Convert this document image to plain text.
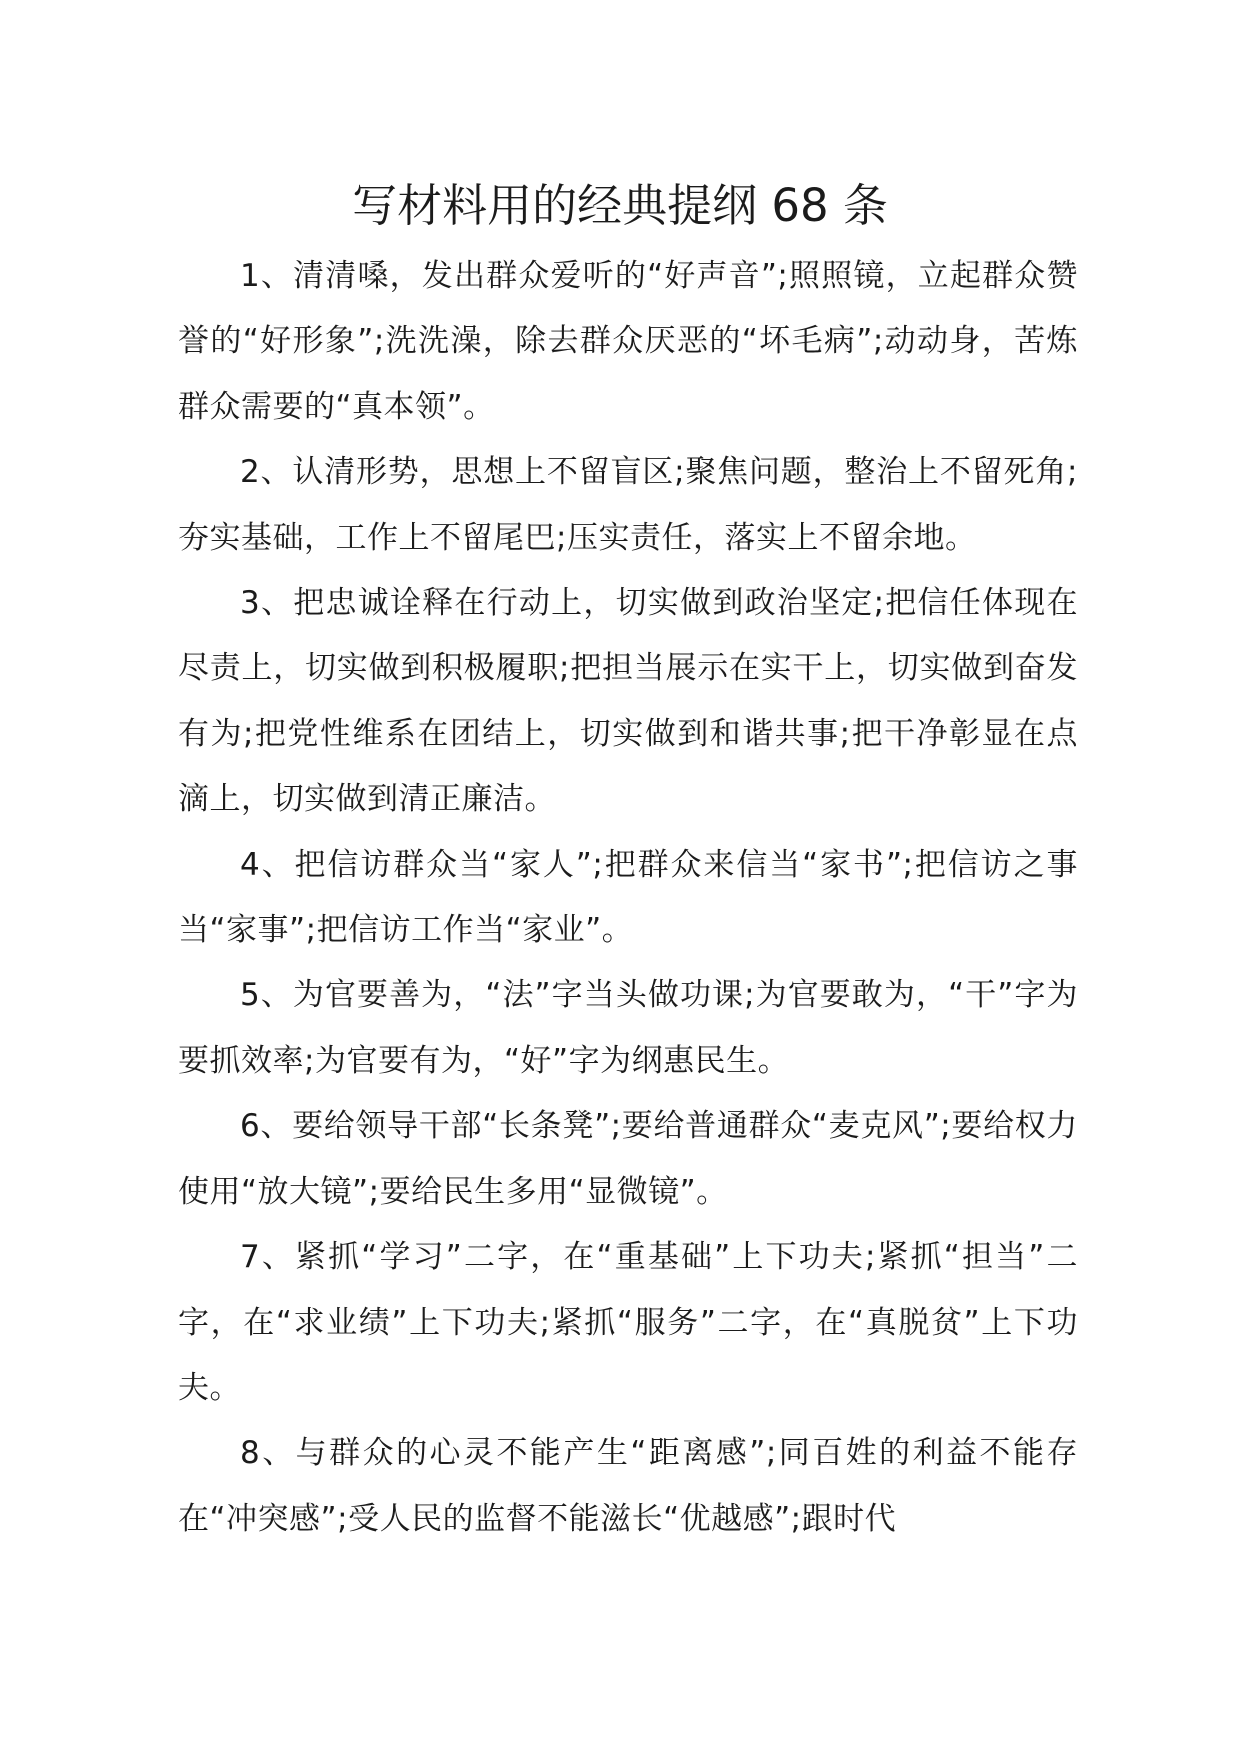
写材料用的经典提纲 68 条

1、清清嗓，发出群众爱听的“好声音”;照照镜，立起群众赞誉的“好形象”;洗洗澡，除去群众厌恶的“坏毛病”;动动身，苦炼群众需要的“真本领”。

2、认清形势，思想上不留盲区;聚焦问题，整治上不留死角;夯实基础，工作上不留尾巴;压实责任，落实上不留余地。

3、把忠诚诠释在行动上，切实做到政治坚定;把信任体现在尽责上，切实做到积极履职;把担当展示在实干上，切实做到奋发有为;把党性维系在团结上，切实做到和谐共事;把干净彰显在点滴上，切实做到清正廉洁。

4、把信访群众当“家人”;把群众来信当“家书”;把信访之事当“家事”;把信访工作当“家业”。

5、为官要善为，“法”字当头做功课;为官要敢为，“干”字为要抓效率;为官要有为，“好”字为纲惠民生。

6、要给领导干部“长条凳”;要给普通群众“麦克风”;要给权力使用“放大镜”;要给民生多用“显微镜”。

7、紧抓“学习”二字，在“重基础”上下功夫;紧抓“担当”二字，在“求业绩”上下功夫;紧抓“服务”二字，在“真脱贫”上下功夫。

8、与群众的心灵不能产生“距离感”;同百姓的利益不能存在“冲突感”;受人民的监督不能滋长“优越感”;跟时代
